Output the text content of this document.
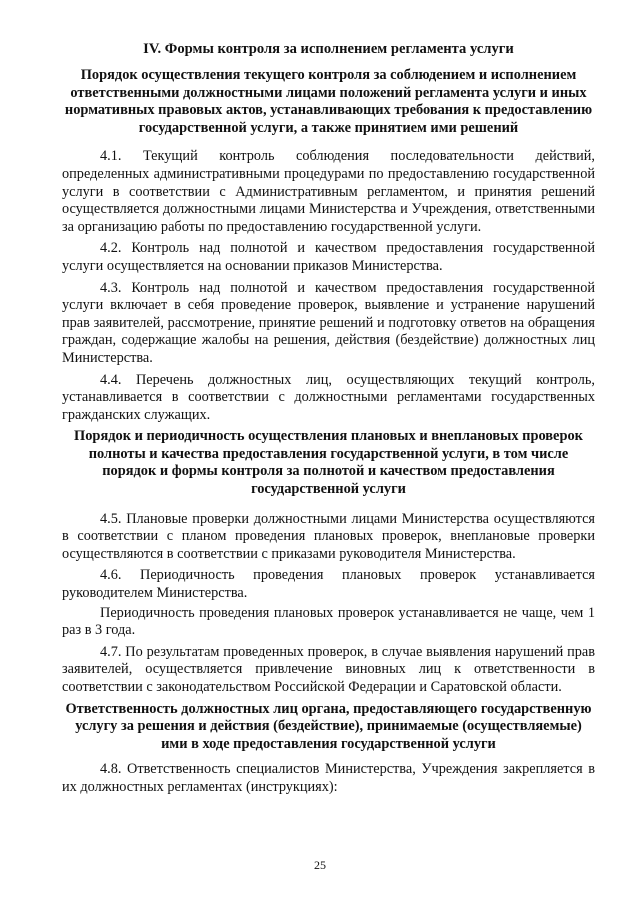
IV. Формы контроля за исполнением регламента услуги
Порядок осуществления текущего контроля за соблюдением и исполнением ответственными должностными лицами положений регламента услуги и иных нормативных правовых актов, устанавливающих требования к предоставлению государственной услуги, а также принятием ими решений

4.1. Текущий контроль соблюдения последовательности действий, определенных административными процедурами по предоставлению государственной услуги в соответствии с Административным регламентом, и принятия решений осуществляется должностными лицами Министерства и Учреждения, ответственными за организацию работы по предоставлению государственной услуги.

4.2. Контроль над полнотой и качеством предоставления государственной услуги осуществляется на основании приказов Министерства.

4.3. Контроль над полнотой и качеством предоставления государственной услуги включает в себя проведение проверок, выявление и устранение нарушений прав заявителей, рассмотрение, принятие решений и подготовку ответов на обращения граждан, содержащие жалобы на решения, действия (бездействие) должностных лиц Министерства.

4.4. Перечень должностных лиц, осуществляющих текущий контроль, устанавливается в соответствии с должностными регламентами государственных гражданских служащих.

Порядок и периодичность осуществления плановых и внеплановых проверок полноты и качества предоставления государственной услуги, в том числе порядок и формы контроля за полнотой и качеством предоставления государственной услуги

4.5. Плановые проверки должностными лицами Министерства осуществляются в соответствии с планом проведения плановых проверок, внеплановые проверки осуществляются в соответствии с приказами руководителя Министерства.

4.6. Периодичность проведения плановых проверок устанавливается руководителем Министерства.

Периодичность проведения плановых проверок устанавливается не чаще, чем 1 раз в 3 года.

4.7. По результатам проведенных проверок, в случае выявления нарушений прав заявителей, осуществляется привлечение виновных лиц к ответственности в соответствии с законодательством Российской Федерации и Саратовской области.

Ответственность должностных лиц органа, предоставляющего государственную услугу за решения и действия (бездействие), принимаемые (осуществляемые) ими в ходе предоставления государственной услуги

4.8. Ответственность специалистов Министерства, Учреждения закрепляется в их должностных регламентах (инструкциях):

25
